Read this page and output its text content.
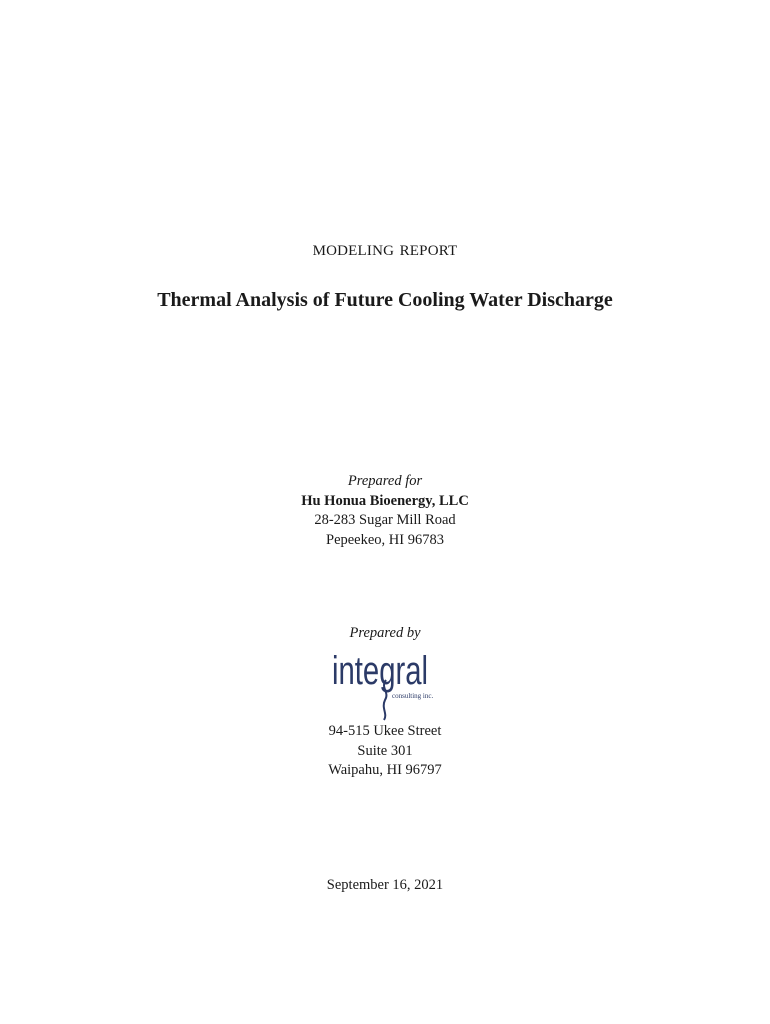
modeling report
Thermal Analysis of Future Cooling Water Discharge
Prepared for
Hu Honua Bioenergy, LLC
28-283 Sugar Mill Road
Pepeekeo, HI 96783
Prepared by
integral
consulting inc.
94-515 Ukee Street
Suite 301
Waipahu, HI 96797
September 16, 2021
